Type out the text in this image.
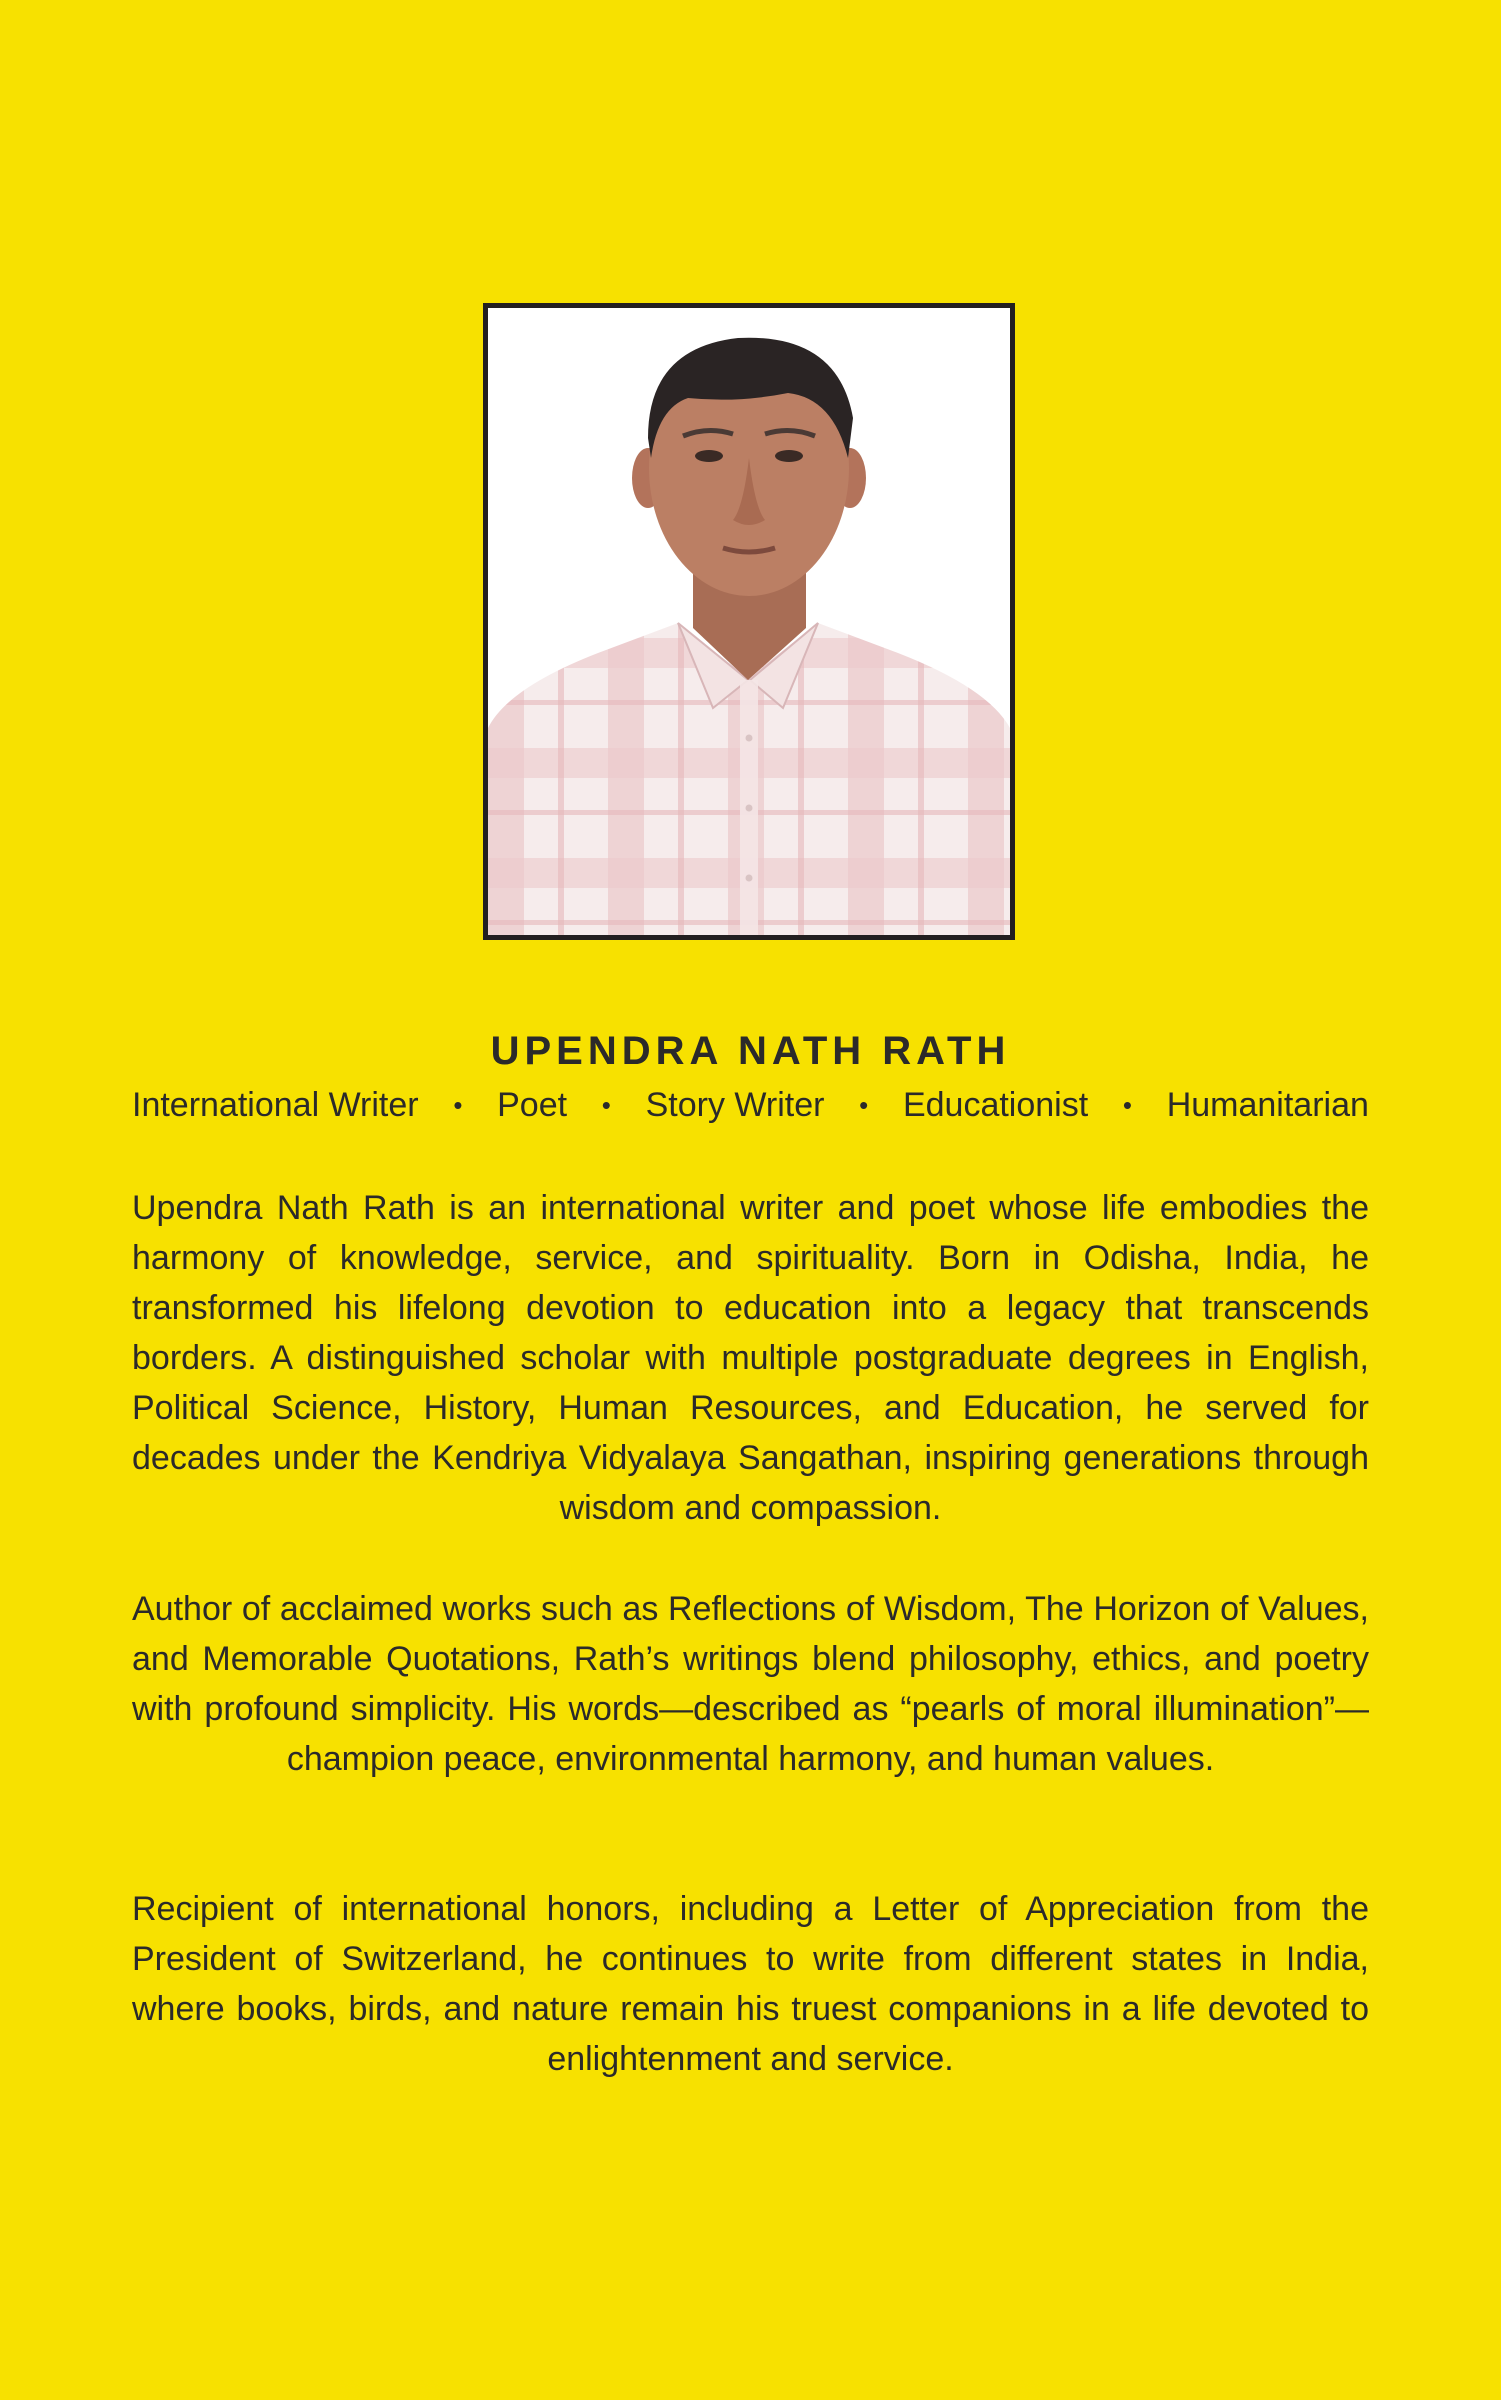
UPENDRA NATH RATH
International Writer • Poet • Story Writer • Educationist • Humanitarian

Upendra Nath Rath is an international writer and poet whose life embodies the harmony of knowledge, service, and spirituality. Born in Odisha, India, he transformed his lifelong devotion to education into a legacy that transcends borders. A distinguished scholar with multiple postgraduate degrees in English, Political Science, History, Human Resources, and Education, he served for decades under the Kendriya Vidyalaya Sangathan, inspiring generations through wisdom and compassion.

Author of acclaimed works such as Reflections of Wisdom, The Horizon of Values, and Memorable Quotations, Rath’s writings blend philosophy, ethics, and poetry with profound simplicity. His words—described as “pearls of moral illumination”—champion peace, environmental harmony, and human values.

Recipient of international honors, including a Letter of Appreciation from the President of Switzerland, he continues to write from different states in India, where books, birds, and nature remain his truest companions in a life devoted to enlightenment and service.
